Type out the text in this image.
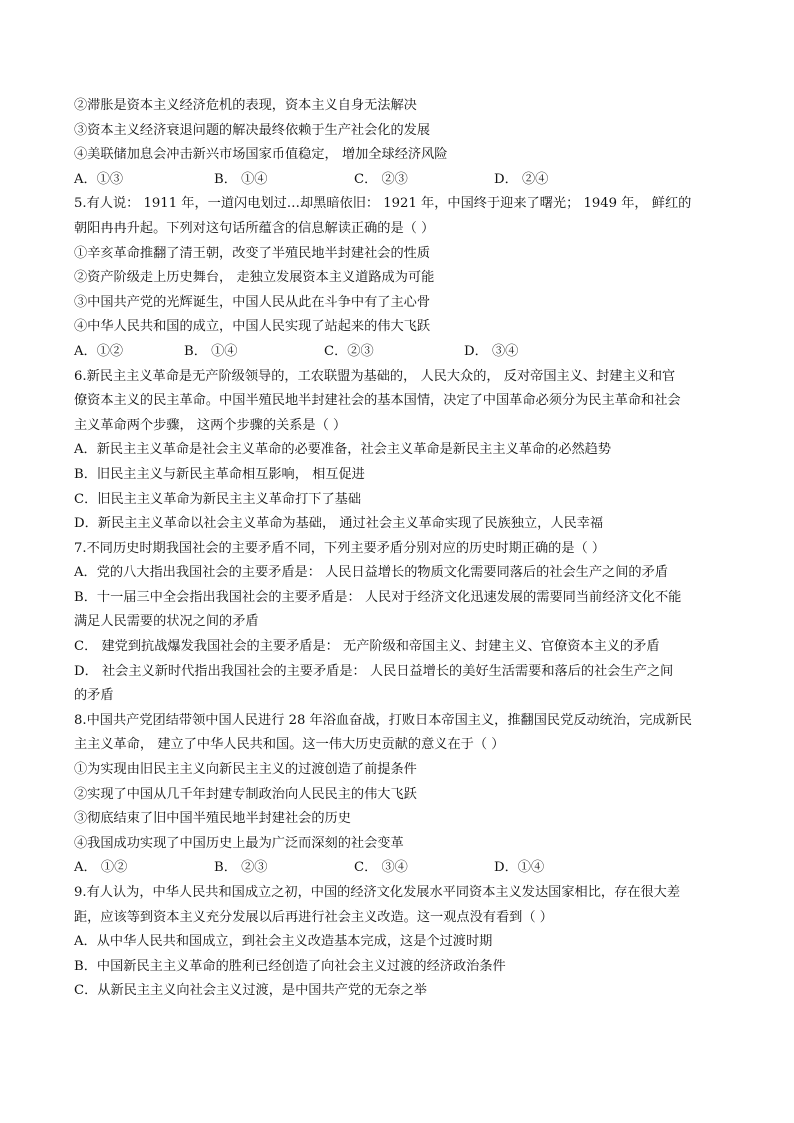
②滞胀是资本主义经济危机的表现，资本主义自身无法解决
③资本主义经济衰退问题的解决最终依赖于生产社会化的发展
④美联储加息会冲击新兴市场国家币值稳定， 增加全球经济风险
A．①③	B． ①④	C． ②③	D． ②④
5.有人说： 1911 年，一道闪电划过…却黑暗依旧： 1921 年，中国终于迎来了曙光； 1949 年， 鲜红的
朝阳冉冉升起。下列对这句话所蕴含的信息解读正确的是（ ）
①辛亥革命推翻了清王朝，改变了半殖民地半封建社会的性质
②资产阶级走上历史舞台， 走独立发展资本主义道路成为可能
③中国共产党的光辉诞生，中国人民从此在斗争中有了主心骨
④中华人民共和国的成立，中国人民实现了站起来的伟大飞跃
A．①②	B． ①④	C．②③	D． ③④
6.新民主主义革命是无产阶级领导的，工农联盟为基础的， 人民大众的， 反对帝国主义、封建主义和官
僚资本主义的民主革命。中国半殖民地半封建社会的基本国情，决定了中国革命必须分为民主革命和社会
主义革命两个步骤， 这两个步骤的关系是（ ）
A．新民主主义革命是社会主义革命的必要准备，社会主义革命是新民主主义革命的必然趋势
B．旧民主主义与新民主革命相互影响， 相互促进
C．旧民主主义革命为新民主主义革命打下了基础
D．新民主主义革命以社会主义革命为基础， 通过社会主义革命实现了民族独立，人民幸福
7.不同历史时期我国社会的主要矛盾不同，下列主要矛盾分别对应的历史时期正确的是（ ）
A．党的八大指出我国社会的主要矛盾是： 人民日益增长的物质文化需要同落后的社会生产之间的矛盾
B．十一届三中全会指出我国社会的主要矛盾是： 人民对于经济文化迅速发展的需要同当前经济文化不能
满足人民需要的状况之间的矛盾
C． 建党到抗战爆发我国社会的主要矛盾是： 无产阶级和帝国主义、封建主义、官僚资本主义的矛盾
D． 社会主义新时代指出我国社会的主要矛盾是： 人民日益增长的美好生活需要和落后的社会生产之间
的矛盾
8.中国共产党团结带领中国人民进行 28 年浴血奋战，打败日本帝国主义，推翻国民党反动统治，完成新民
主主义革命， 建立了中华人民共和国。这一伟大历史贡献的意义在于（ ）
①为实现由旧民主主义向新民主主义的过渡创造了前提条件
②实现了中国从几千年封建专制政治向人民民主的伟大飞跃
③彻底结束了旧中国半殖民地半封建社会的历史
④我国成功实现了中国历史上最为广泛而深刻的社会变革
A． ①②	B． ②③	C． ③④	D．①④
9.有人认为，中华人民共和国成立之初，中国的经济文化发展水平同资本主义发达国家相比，存在很大差
距，应该等到资本主义充分发展以后再进行社会主义改造。这一观点没有看到（ ）
A．从中华人民共和国成立，到社会主义改造基本完成，这是个过渡时期
B．中国新民主主义革命的胜利已经创造了向社会主义过渡的经济政治条件
C．从新民主主义向社会主义过渡，是中国共产党的无奈之举
